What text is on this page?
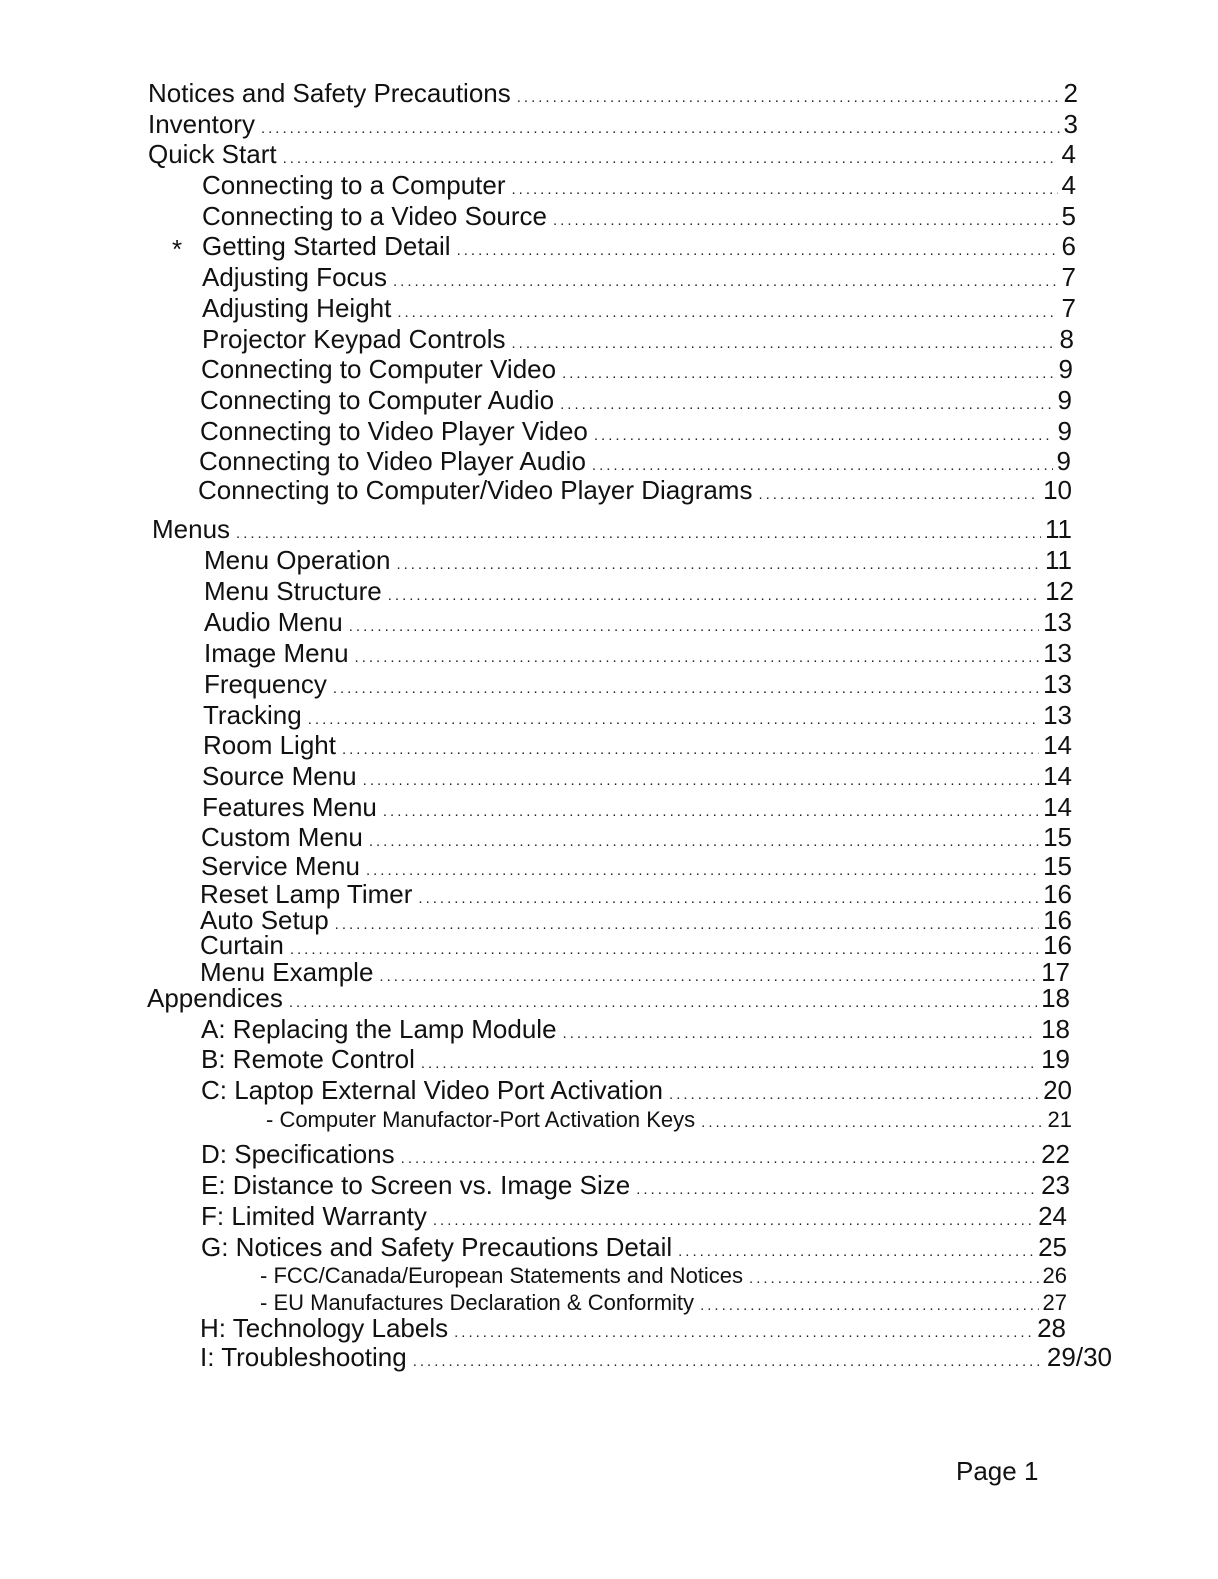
Notices and Safety Precautions .....	2
Inventory .....	3
Quick Start .....	4
Connecting to a Computer .....	4
Connecting to a Video Source .....	5
Getting Started Detail .....	6
Adjusting Focus .....	7
Adjusting Height .....	7
Projector Keypad Controls .....	8
Connecting to Computer Video .....	9
Connecting to Computer Audio .....	9
Connecting to Video Player Video .....	9
Connecting to Video Player Audio .....	9
Connecting to Computer/Video Player Diagrams .....	10
Menus .....	11
Menu Operation .....	11
Menu Structure .....	12
Audio Menu .....	13
Image Menu .....	13
Frequency .....	13
Tracking .....	13
Room Light .....	14
Source Menu .....	14
Features Menu .....	14
Custom Menu .....	15
Service Menu .....	15
Reset Lamp Timer .....	16
Auto Setup .....	16
Curtain .....	16
Menu Example .....	17
Appendices .....	18
A: Replacing the Lamp Module .....	18
B: Remote Control .....	19
C: Laptop External Video Port Activation .....	20
- Computer Manufactor-Port Activation Keys .....	21
D: Specifications .....	22
E: Distance to Screen vs. Image Size .....	23
F: Limited Warranty .....	24
G: Notices and Safety Precautions Detail .....	25
- FCC/Canada/European Statements and Notices .....	26
- EU Manufactures Declaration & Conformity .....	27
H: Technology Labels .....	28
I: Troubleshooting .....	29/30
*
Page 1
